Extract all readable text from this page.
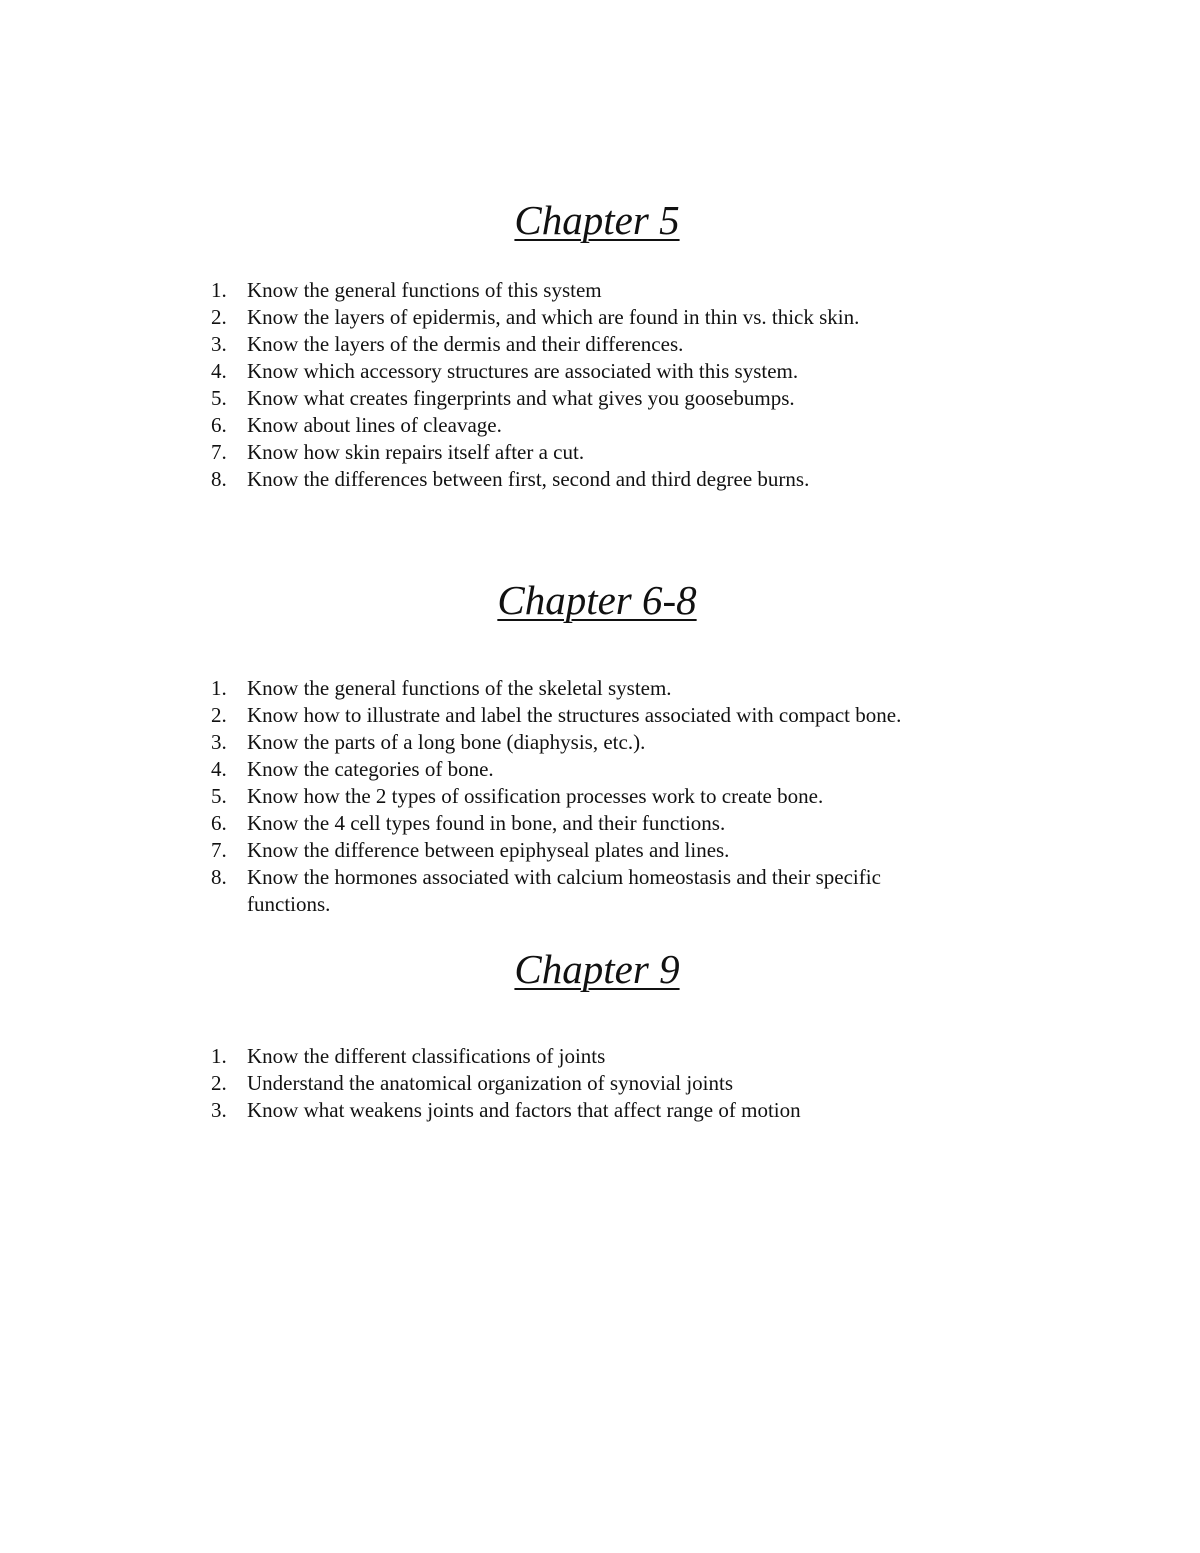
Chapter 5
1. Know the general functions of this system
2. Know the layers of epidermis, and which are found in thin vs. thick skin.
3. Know the layers of the dermis and their differences.
4. Know which accessory structures are associated with this system.
5. Know what creates fingerprints and what gives you goosebumps.
6. Know about lines of cleavage.
7. Know how skin repairs itself after a cut.
8. Know the differences between first, second and third degree burns.
Chapter 6-8
1. Know the general functions of the skeletal system.
2. Know how to illustrate and label the structures associated with compact bone.
3. Know the parts of a long bone (diaphysis, etc.).
4. Know the categories of bone.
5. Know how the 2 types of ossification processes work to create bone.
6. Know the 4 cell types found in bone, and their functions.
7. Know the difference between epiphyseal plates and lines.
8. Know the hormones associated with calcium homeostasis and their specific functions.
Chapter 9
1. Know the different classifications of joints
2. Understand the anatomical organization of synovial joints
3. Know what weakens joints and factors that affect range of motion
